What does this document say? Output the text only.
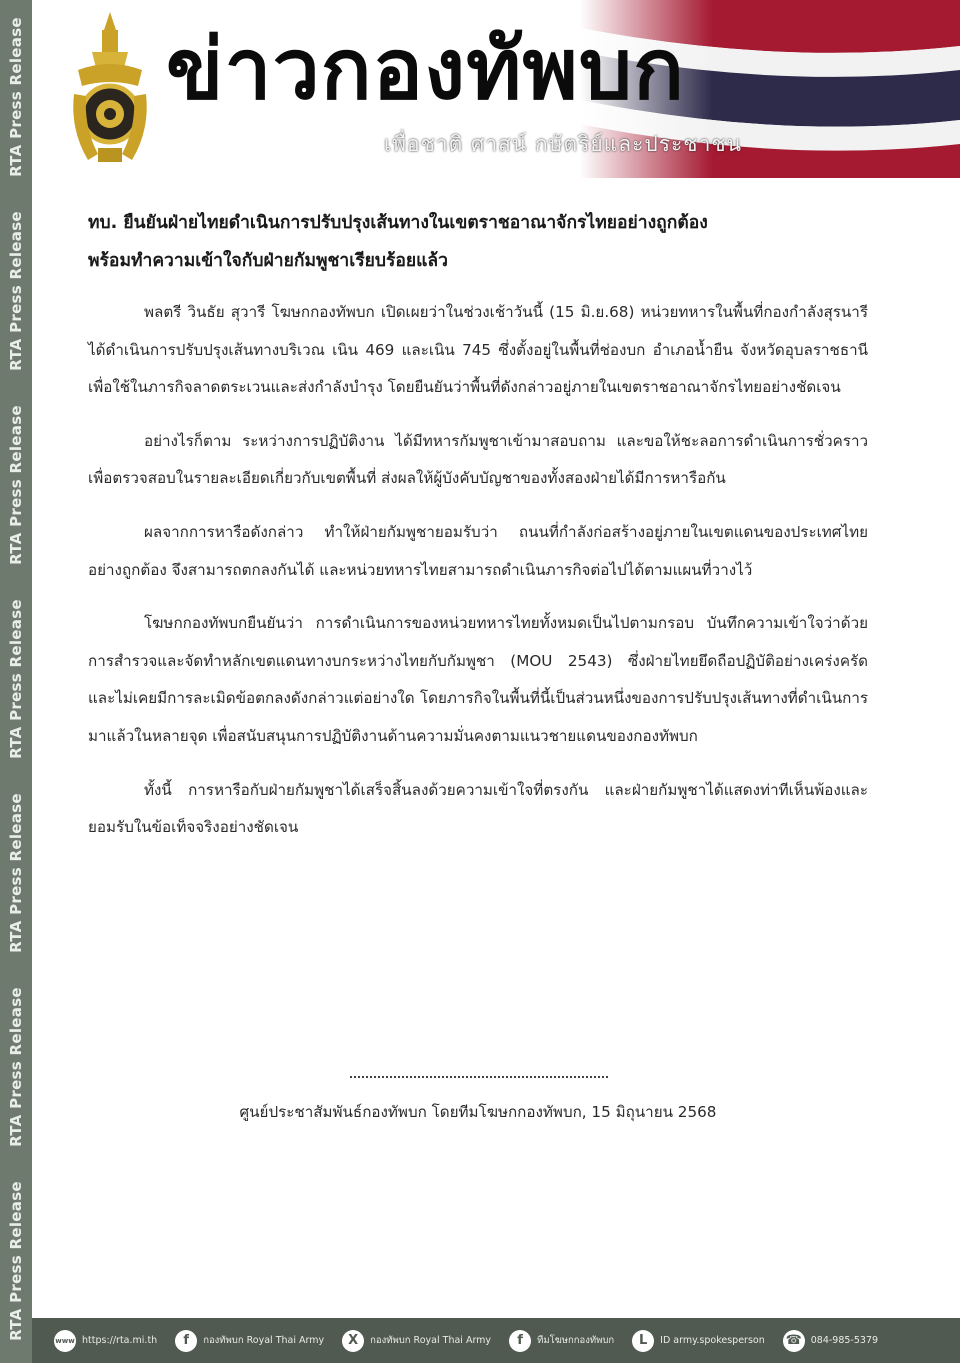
RTA Press Release
RTA Press Release
RTA Press Release
RTA Press Release
RTA Press Release
RTA Press Release
RTA Press Release
ข่าวกองทัพบก
เพื่อชาติ ศาสน์ กษัตริย์และประชาชน
ทบ. ยืนยันฝ่ายไทยดำเนินการปรับปรุงเส้นทางในเขตราชอาณาจักรไทยอย่างถูกต้อง
พร้อมทำความเข้าใจกับฝ่ายกัมพูชาเรียบร้อยแล้ว

พลตรี วินธัย สุวารี โฆษกกองทัพบก เปิดเผยว่าในช่วงเช้าวันนี้ (15 มิ.ย.68) หน่วยทหารในพื้นที่กองกำลังสุรนารี ได้ดำเนินการปรับปรุงเส้นทางบริเวณ เนิน 469 และเนิน 745 ซึ่งตั้งอยู่ในพื้นที่ช่องบก อำเภอน้ำยืน จังหวัดอุบลราชธานี เพื่อใช้ในภารกิจลาดตระเวนและส่งกำลังบำรุง โดยยืนยันว่าพื้นที่ดังกล่าวอยู่ภายในเขตราชอาณาจักรไทยอย่างชัดเจน

อย่างไรก็ตาม ระหว่างการปฏิบัติงาน ได้มีทหารกัมพูชาเข้ามาสอบถาม และขอให้ชะลอการดำเนินการชั่วคราว เพื่อตรวจสอบในรายละเอียดเกี่ยวกับเขตพื้นที่ ส่งผลให้ผู้บังคับบัญชาของทั้งสองฝ่ายได้มีการหารือกัน

ผลจากการหารือดังกล่าว ทำให้ฝ่ายกัมพูชายอมรับว่า ถนนที่กำลังก่อสร้างอยู่ภายในเขตแดนของประเทศไทยอย่างถูกต้อง จึงสามารถตกลงกันได้ และหน่วยทหารไทยสามารถดำเนินภารกิจต่อไปได้ตามแผนที่วางไว้

โฆษกกองทัพบกยืนยันว่า การดำเนินการของหน่วยทหารไทยทั้งหมดเป็นไปตามกรอบ บันทึกความเข้าใจว่าด้วยการสำรวจและจัดทำหลักเขตแดนทางบกระหว่างไทยกับกัมพูชา (MOU 2543) ซึ่งฝ่ายไทยยึดถือปฏิบัติอย่างเคร่งครัด และไม่เคยมีการละเมิดข้อตกลงดังกล่าวแต่อย่างใด โดยภารกิจในพื้นที่นี้เป็นส่วนหนึ่งของการปรับปรุงเส้นทางที่ดำเนินการมาแล้วในหลายจุด เพื่อสนับสนุนการปฏิบัติงานด้านความมั่นคงตามแนวชายแดนของกองทัพบก

ทั้งนี้ การหารือกับฝ่ายกัมพูชาได้เสร็จสิ้นลงด้วยความเข้าใจที่ตรงกัน และฝ่ายกัมพูชาได้แสดงท่าทีเห็นพ้องและยอมรับในข้อเท็จจริงอย่างชัดเจน

ศูนย์ประชาสัมพันธ์กองทัพบก โดยทีมโฆษกกองทัพบก, 15 มิถุนายน 2568
www https://rta.mi.th	f	กองทัพบก Royal Thai Army	X	กองทัพบก Royal Thai Army	f	ทีมโฆษกกองทัพบก	L	ID army.spokesperson ☎ 084-985-5379
